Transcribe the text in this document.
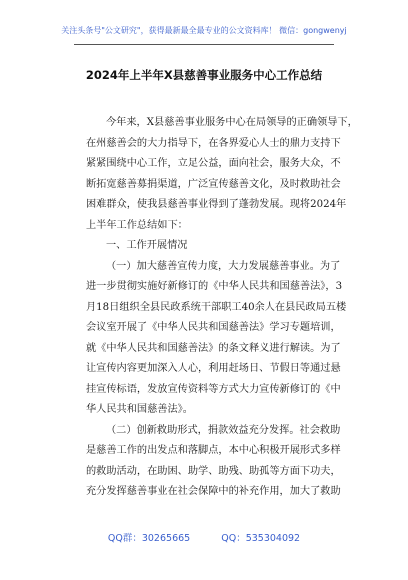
关注头条号"公文研究"，获得最新最全最专业的公文资料库！ 微信：gongwenyj
2024年上半年X县慈善事业服务中心工作总结
今年来，X县慈善事业服务中心在局领导的正确领导下，
在州慈善会的大力指导下，在各界爱心人士的鼎力支持下
紧紧围绕中心工作，立足公益，面向社会，服务大众，不
断拓宽慈善募捐渠道，广泛宣传慈善文化，及时救助社会
困难群众，使我县慈善事业得到了蓬勃发展。现将2024年
上半年工作总结如下：
一、工作开展情况
（一）加大慈善宣传力度，大力发展慈善事业。为了
进一步贯彻实施好新修订的《中华人民共和国慈善法》，3
月18日组织全县民政系统干部职工40余人在县民政局五楼
会议室开展了《中华人民共和国慈善法》学习专题培训，
就《中华人民共和国慈善法》的条文释义进行解读。为了
让宣传内容更加深入人心，利用赶场日、节假日等通过悬
挂宣传标语，发放宣传资料等方式大力宣传新修订的《中
华人民共和国慈善法》。
（二）创新救助形式，捐款效益充分发挥。社会救助
是慈善工作的出发点和落脚点，本中心积极开展形式多样
的救助活动，在助困、助学、助残、助孤等方面下功夫，
充分发挥慈善事业在社会保障中的补充作用，加大了救助
QQ群：30265665	QQ：535304092
